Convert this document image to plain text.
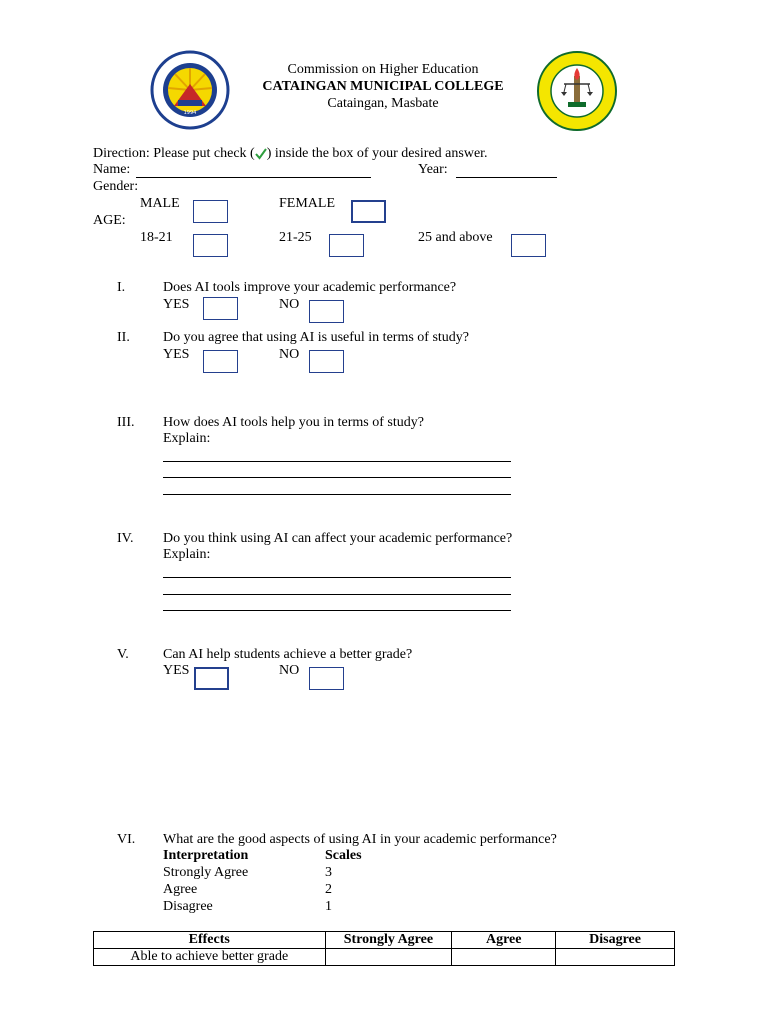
1994
Commission on Higher Education
CATAINGAN MUNICIPAL COLLEGE
Cataingan, Masbate
Direction: Please put check ( ) inside the box of your desired answer.
Name:	Year:
Gender:
MALE	FEMALE
AGE:
18-21	21-25	25 and above
I.	Does AI tools improve your academic performance?
YES	NO
II. Do you agree that using AI is useful in terms of study?
YES	NO
III. How does AI tools help you in terms of study?
Explain:
IV. Do you think using AI can affect your academic performance?
Explain:
V. Can AI help students achieve a better grade?
YES	NO
VI. What are the good aspects of using AI in your academic performance?
Interpretation	Scales
Strongly Agree	3
Agree	2
Disagree	1
Effects	Strongly Agree	Agree	Disagree
Able to achieve better grade			
